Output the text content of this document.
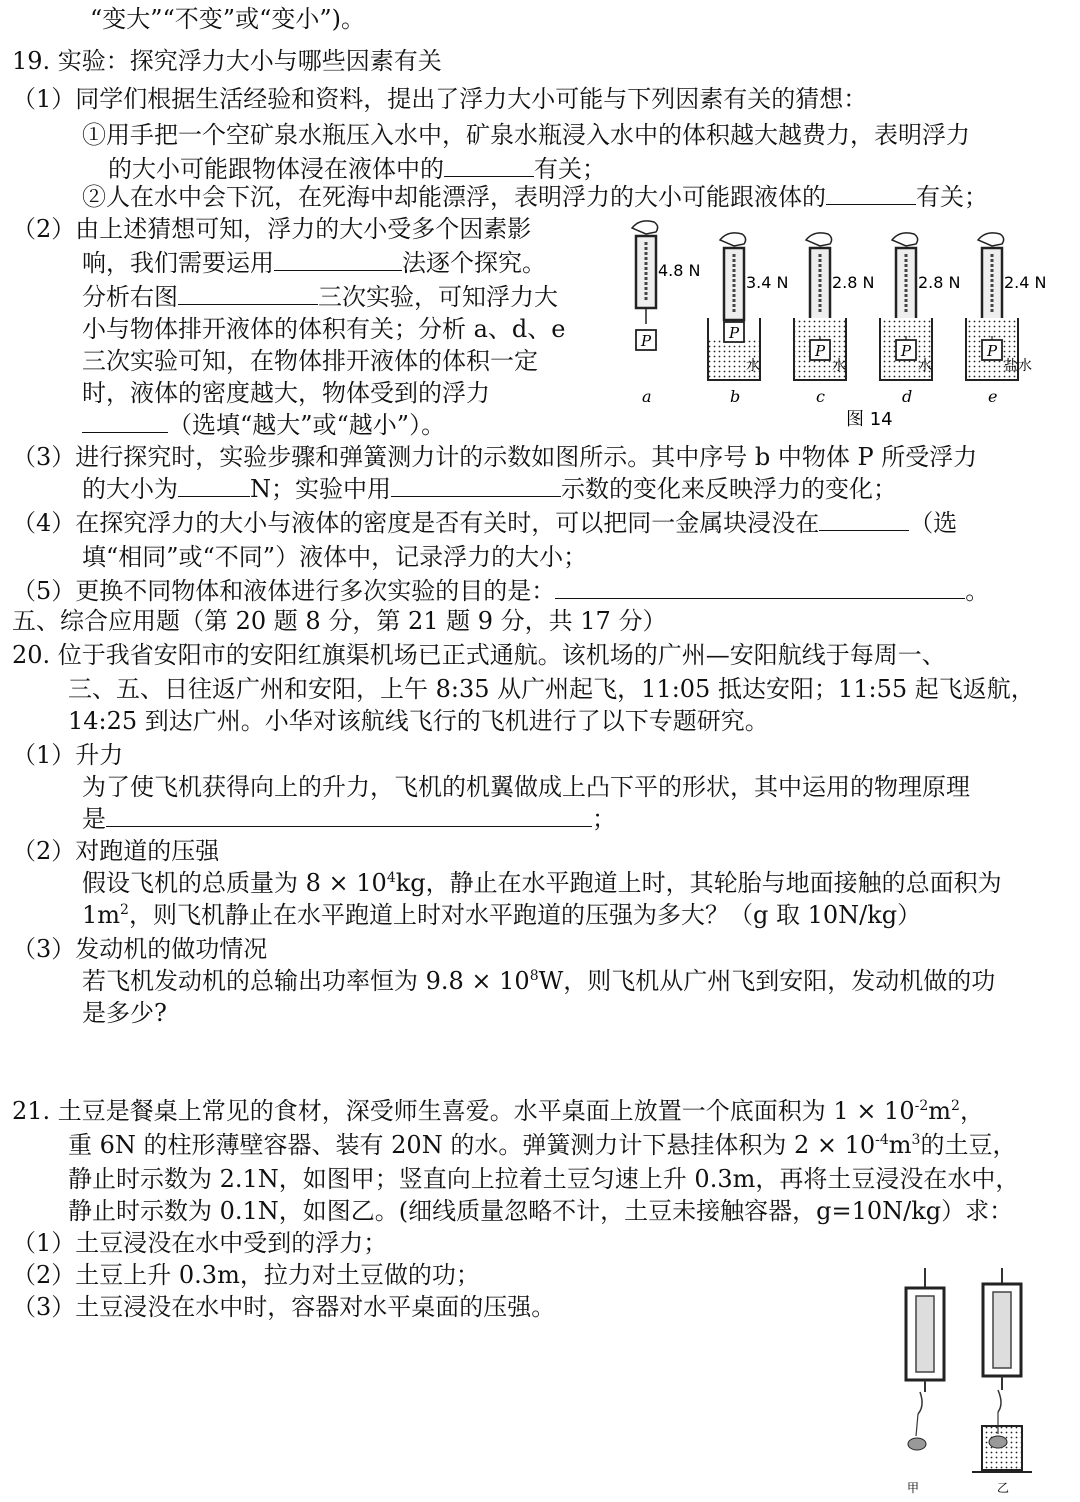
“变大”“不变”或“变小”)。
19. 实验：探究浮力大小与哪些因素有关
（1）同学们根据生活经验和资料，提出了浮力大小可能与下列因素有关的猜想：
①用手把一个空矿泉水瓶压入水中，矿泉水瓶浸入水中的体积越大越费力，表明浮力
的大小可能跟物体浸在液体中的	有关；
②人在水中会下沉，在死海中却能漂浮，表明浮力的大小可能跟液体的	有关；
（2）由上述猜想可知，浮力的大小受多个因素影
响，我们需要运用	法逐个探究。
分析右图	三次实验，可知浮力大
小与物体排开液体的体积有关；分析 a、d、e
三次实验可知，在物体排开液体的体积一定
时，液体的密度越大，物体受到的浮力
（选填“越大”或“越小”）。
4.8 N
P
a
3.4 N
水
P
b
2.8 N
水
P
c
2.8 N
水
P
d
2.4 N
盐水
P
e
图 14
（3）进行探究时，实验步骤和弹簧测力计的示数如图所示。其中序号 b 中物体 P 所受浮力
的大小为	N；实验中用	示数的变化来反映浮力的变化；
（4）在探究浮力的大小与液体的密度是否有关时，可以把同一金属块浸没在	（选
填“相同”或“不同”）液体中，记录浮力的大小；
（5）更换不同物体和液体进行多次实验的目的是：	。
五、综合应用题（第 20 题 8 分，第 21 题 9 分，共 17 分）
20. 位于我省安阳市的安阳红旗渠机场已正式通航。该机场的广州—安阳航线于每周一、
三、五、日往返广州和安阳，上午 8:35 从广州起飞，11:05 抵达安阳；11:55 起飞返航，
14:25 到达广州。小华对该航线飞行的飞机进行了以下专题研究。
（1）升力
为了使飞机获得向上的升力，飞机的机翼做成上凸下平的形状，其中运用的物理原理
是	；
（2）对跑道的压强
假设飞机的总质量为 $8 \times 10^4kg$，静止在水平跑道上时，其轮胎与地面接触的总面积为
$1m^2$，则飞机静止在水平跑道上时对水平跑道的压强为多大？（g 取 10N/kg）
（3）发动机的做功情况
若飞机发动机的总输出功率恒为 $9.8 \times 10^8W$，则飞机从广州飞到安阳，发动机做的功
是多少?
21. 土豆是餐桌上常见的食材，深受师生喜爱。水平桌面上放置一个底面积为 $1 \times 10^{-2}m^2$，
重 6N 的柱形薄壁容器、装有 20N 的水。弹簧测力计下悬挂体积为 $2 \times 10^{-4}m^3$的土豆，
静止时示数为 2.1N，如图甲；竖直向上拉着土豆匀速上升 0.3m，再将土豆浸没在水中，
静止时示数为 0.1N，如图乙。(细线质量忽略不计，土豆未接触容器，g=10N/kg）求：
（1）土豆浸没在水中受到的浮力；
（2）土豆上升 0.3m，拉力对土豆做的功；
（3）土豆浸没在水中时，容器对水平桌面的压强。
甲	乙
